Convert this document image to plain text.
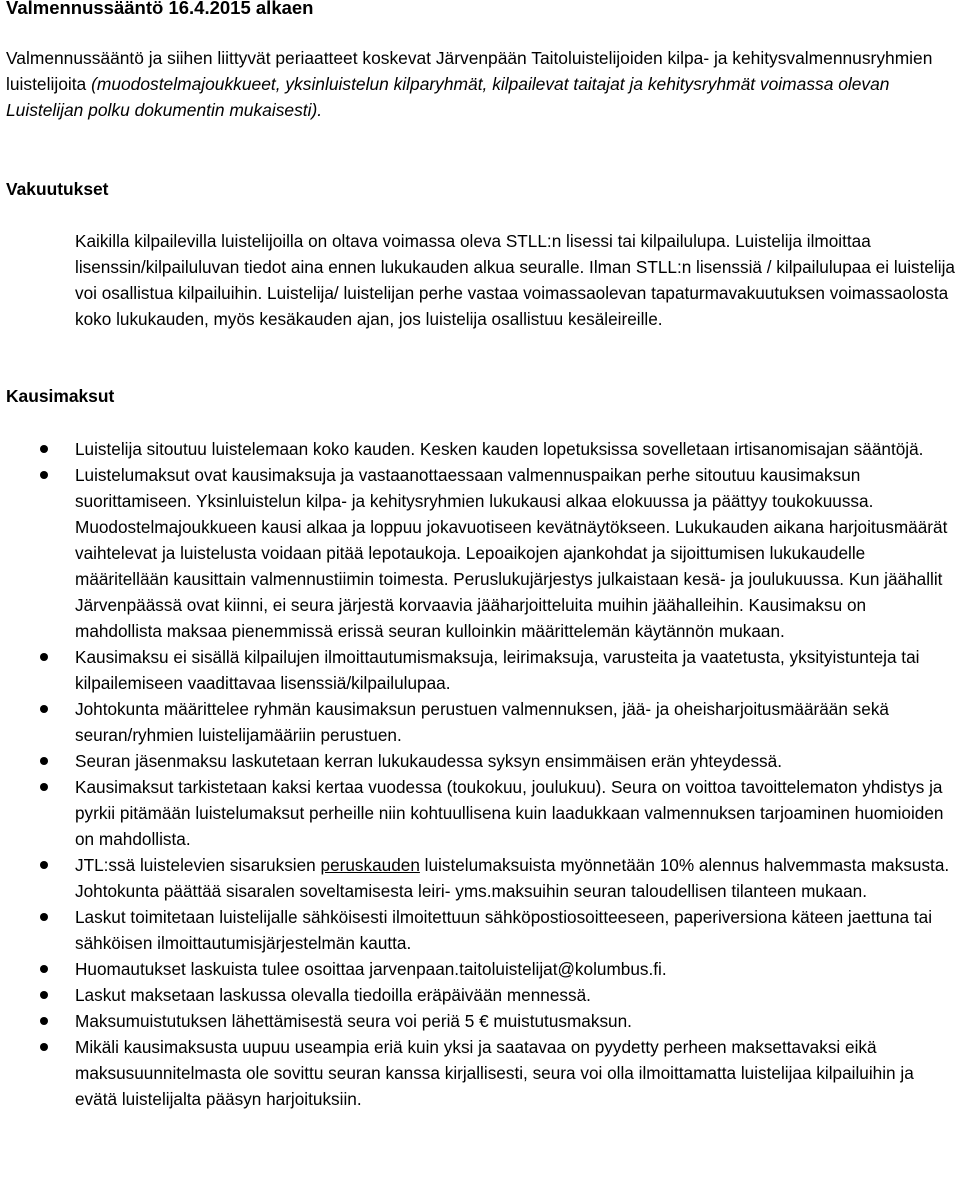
Valmennussääntö 16.4.2015 alkaen
Valmennussääntö ja siihen liittyvät periaatteet koskevat Järvenpään Taitoluistelijoiden kilpa- ja kehitysvalmennusryhmien luistelijoita (muodostelmajoukkueet, yksinluistelun kilparyhmät, kilpailevat taitajat ja kehitysryhmät voimassa olevan Luistelijan polku dokumentin mukaisesti).
Vakuutukset
Kaikilla kilpailevilla luistelijoilla on oltava voimassa oleva STLL:n lisessi tai kilpailulupa. Luistelija ilmoittaa lisenssin/kilpailuluvan tiedot aina ennen lukukauden alkua seuralle. Ilman STLL:n lisenssiä / kilpailulupaa ei luistelija voi osallistua kilpailuihin. Luistelija/ luistelijan perhe vastaa voimassaolevan tapaturmavakuutuksen voimassaolosta koko lukukauden, myös kesäkauden ajan, jos luistelija osallistuu kesäleireille.
Kausimaksut
Luistelija sitoutuu luistelemaan koko kauden. Kesken kauden lopetuksissa sovelletaan irtisanomisajan sääntöjä.
Luistelumaksut ovat kausimaksuja ja vastaanottaessaan valmennuspaikan perhe sitoutuu kausimaksun suorittamiseen. Yksinluistelun kilpa- ja kehitysryhmien lukukausi alkaa elokuussa ja päättyy toukokuussa. Muodostelmajoukkueen kausi alkaa ja loppuu jokavuotiseen kevätnäytökseen. Lukukauden aikana harjoitusmäärät vaihtelevat ja luistelusta voidaan pitää lepotaukoja. Lepoaikojen ajankohdat ja sijoittumisen lukukaudelle määritellään kausittain valmennustiimin toimesta. Peruslukujärjestys julkaistaan kesä- ja joulukuussa. Kun jäähallit Järvenpäässä ovat kiinni, ei seura järjestä korvaavia jääharjoitteluita muihin jäähalleihin. Kausimaksu on mahdollista maksaa pienemmissä erissä seuran kulloinkin määrittelemän käytännön mukaan.
Kausimaksu ei sisällä kilpailujen ilmoittautumismaksuja, leirimaksuja, varusteita ja vaatetusta, yksityistunteja tai kilpailemiseen vaadittavaa lisenssiä/kilpailulupaa.
Johtokunta määrittelee ryhmän kausimaksun perustuen valmennuksen, jää- ja oheisharjoitusmäärään sekä seuran/ryhmien luistelijamääriin perustuen.
Seuran jäsenmaksu laskutetaan kerran lukukaudessa syksyn ensimmäisen erän yhteydessä.
Kausimaksut tarkistetaan kaksi kertaa vuodessa (toukokuu, joulukuu). Seura on voittoa tavoittelematon yhdistys ja pyrkii pitämään luistelumaksut perheille niin kohtuullisena kuin laadukkaan valmennuksen tarjoaminen huomioiden on mahdollista.
JTL:ssä luistelevien sisaruksien peruskauden luistelumaksuista myönnetään 10% alennus halvemmasta maksusta. Johtokunta päättää sisaralen soveltamisesta leiri- yms.maksuihin seuran taloudellisen tilanteen mukaan.
Laskut toimitetaan luistelijalle sähköisesti ilmoitettuun sähköpostiosoitteeseen, paperiversiona käteen jaettuna tai sähköisen ilmoittautumisjärjestelmän kautta.
Huomautukset laskuista tulee osoittaa jarvenpaan.taitoluistelijat@kolumbus.fi.
Laskut maksetaan laskussa olevalla tiedoilla eräpäivään mennessä.
Maksumuistutuksen lähettämisestä seura voi periä 5 € muistutusmaksun.
Mikäli kausimaksusta uupuu useampia eriä kuin yksi ja saatavaa on pyydetty perheen maksettavaksi eikä maksusuunnitelmasta ole sovittu seuran kanssa kirjallisesti, seura voi olla ilmoittamatta luistelijaa kilpailuihin ja evätä luistelijalta pääsyn harjoituksiin.
